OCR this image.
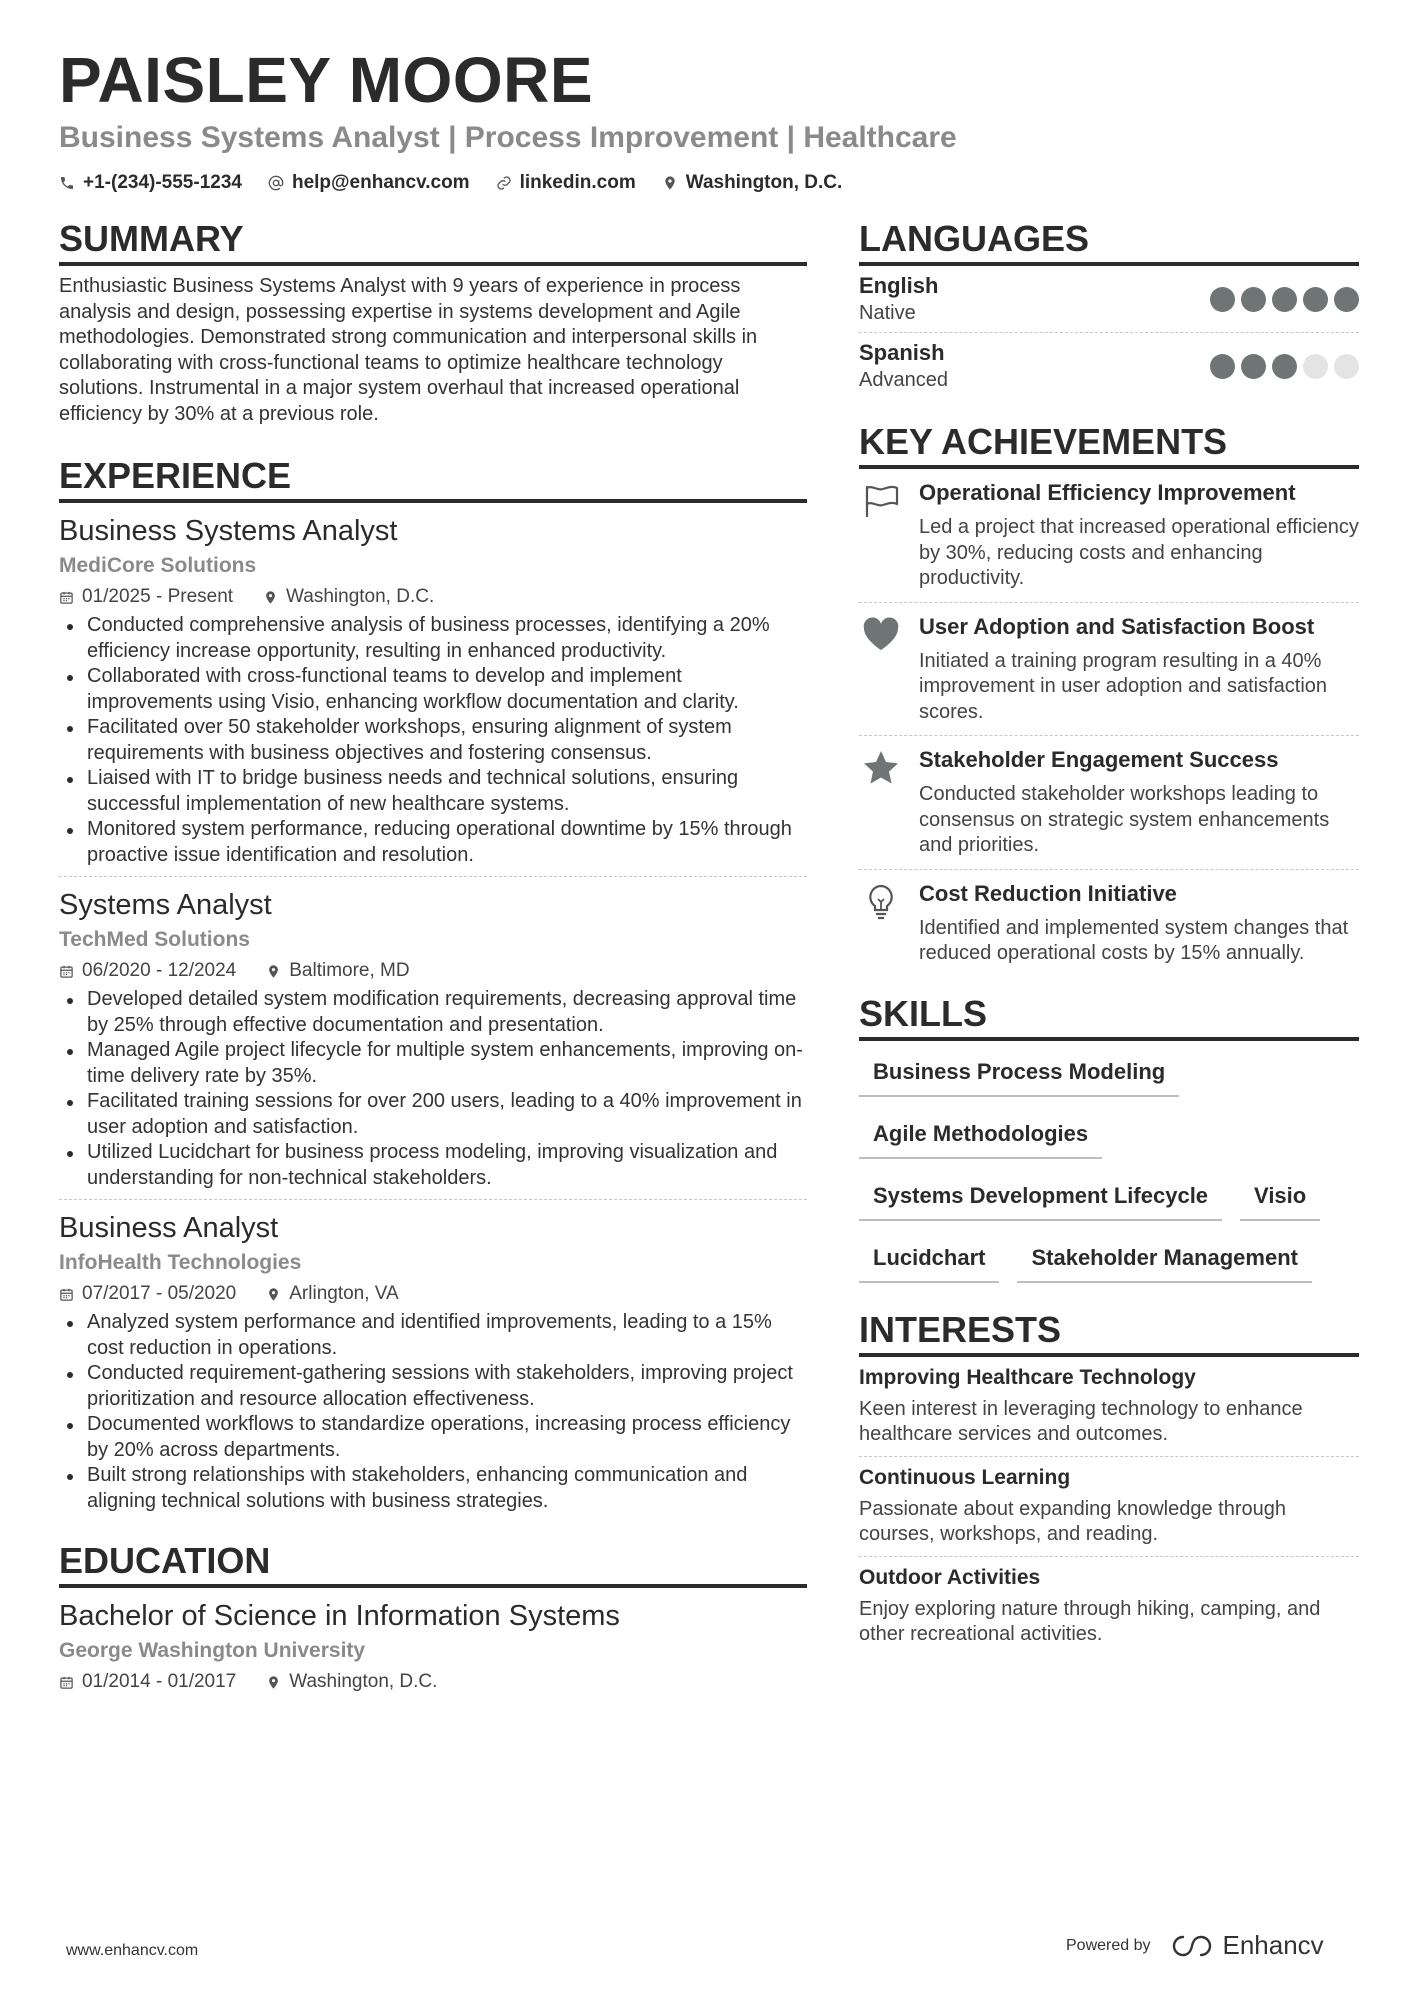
PAISLEY MOORE
Business Systems Analyst | Process Improvement | Healthcare
+1-(234)-555-1234	help@enhancv.com	linkedin.com	Washington, D.C.
SUMMARY
Enthusiastic Business Systems Analyst with 9 years of experience in process analysis and design, possessing expertise in systems development and Agile methodologies. Demonstrated strong communication and interpersonal skills in collaborating with cross-functional teams to optimize healthcare technology solutions. Instrumental in a major system overhaul that increased operational efficiency by 30% at a previous role.
EXPERIENCE
Business Systems Analyst
MediCore Solutions
01/2025 - Present	Washington, D.C.
Conducted comprehensive analysis of business processes, identifying a 20% efficiency increase opportunity, resulting in enhanced productivity.
Collaborated with cross-functional teams to develop and implement improvements using Visio, enhancing workflow documentation and clarity.
Facilitated over 50 stakeholder workshops, ensuring alignment of system requirements with business objectives and fostering consensus.
Liaised with IT to bridge business needs and technical solutions, ensuring successful implementation of new healthcare systems.
Monitored system performance, reducing operational downtime by 15% through proactive issue identification and resolution.
Systems Analyst
TechMed Solutions
06/2020 - 12/2024	Baltimore, MD
Developed detailed system modification requirements, decreasing approval time by 25% through effective documentation and presentation.
Managed Agile project lifecycle for multiple system enhancements, improving on-time delivery rate by 35%.
Facilitated training sessions for over 200 users, leading to a 40% improvement in user adoption and satisfaction.
Utilized Lucidchart for business process modeling, improving visualization and understanding for non-technical stakeholders.
Business Analyst
InfoHealth Technologies
07/2017 - 05/2020	Arlington, VA
Analyzed system performance and identified improvements, leading to a 15% cost reduction in operations.
Conducted requirement-gathering sessions with stakeholders, improving project prioritization and resource allocation effectiveness.
Documented workflows to standardize operations, increasing process efficiency by 20% across departments.
Built strong relationships with stakeholders, enhancing communication and aligning technical solutions with business strategies.
EDUCATION
Bachelor of Science in Information Systems
George Washington University
01/2014 - 01/2017	Washington, D.C.
LANGUAGES
English
Native
Spanish
Advanced
KEY ACHIEVEMENTS
Operational Efficiency Improvement
Led a project that increased operational efficiency by 30%, reducing costs and enhancing productivity.
User Adoption and Satisfaction Boost
Initiated a training program resulting in a 40% improvement in user adoption and satisfaction scores.
Stakeholder Engagement Success
Conducted stakeholder workshops leading to consensus on strategic system enhancements and priorities.
Cost Reduction Initiative
Identified and implemented system changes that reduced operational costs by 15% annually.
SKILLS
Business Process Modeling
Agile Methodologies
Systems Development Lifecycle	Visio
Lucidchart	Stakeholder Management
INTERESTS
Improving Healthcare Technology
Keen interest in leveraging technology to enhance healthcare services and outcomes.
Continuous Learning
Passionate about expanding knowledge through courses, workshops, and reading.
Outdoor Activities
Enjoy exploring nature through hiking, camping, and other recreational activities.
www.enhancv.com	Powered by	Enhancv
